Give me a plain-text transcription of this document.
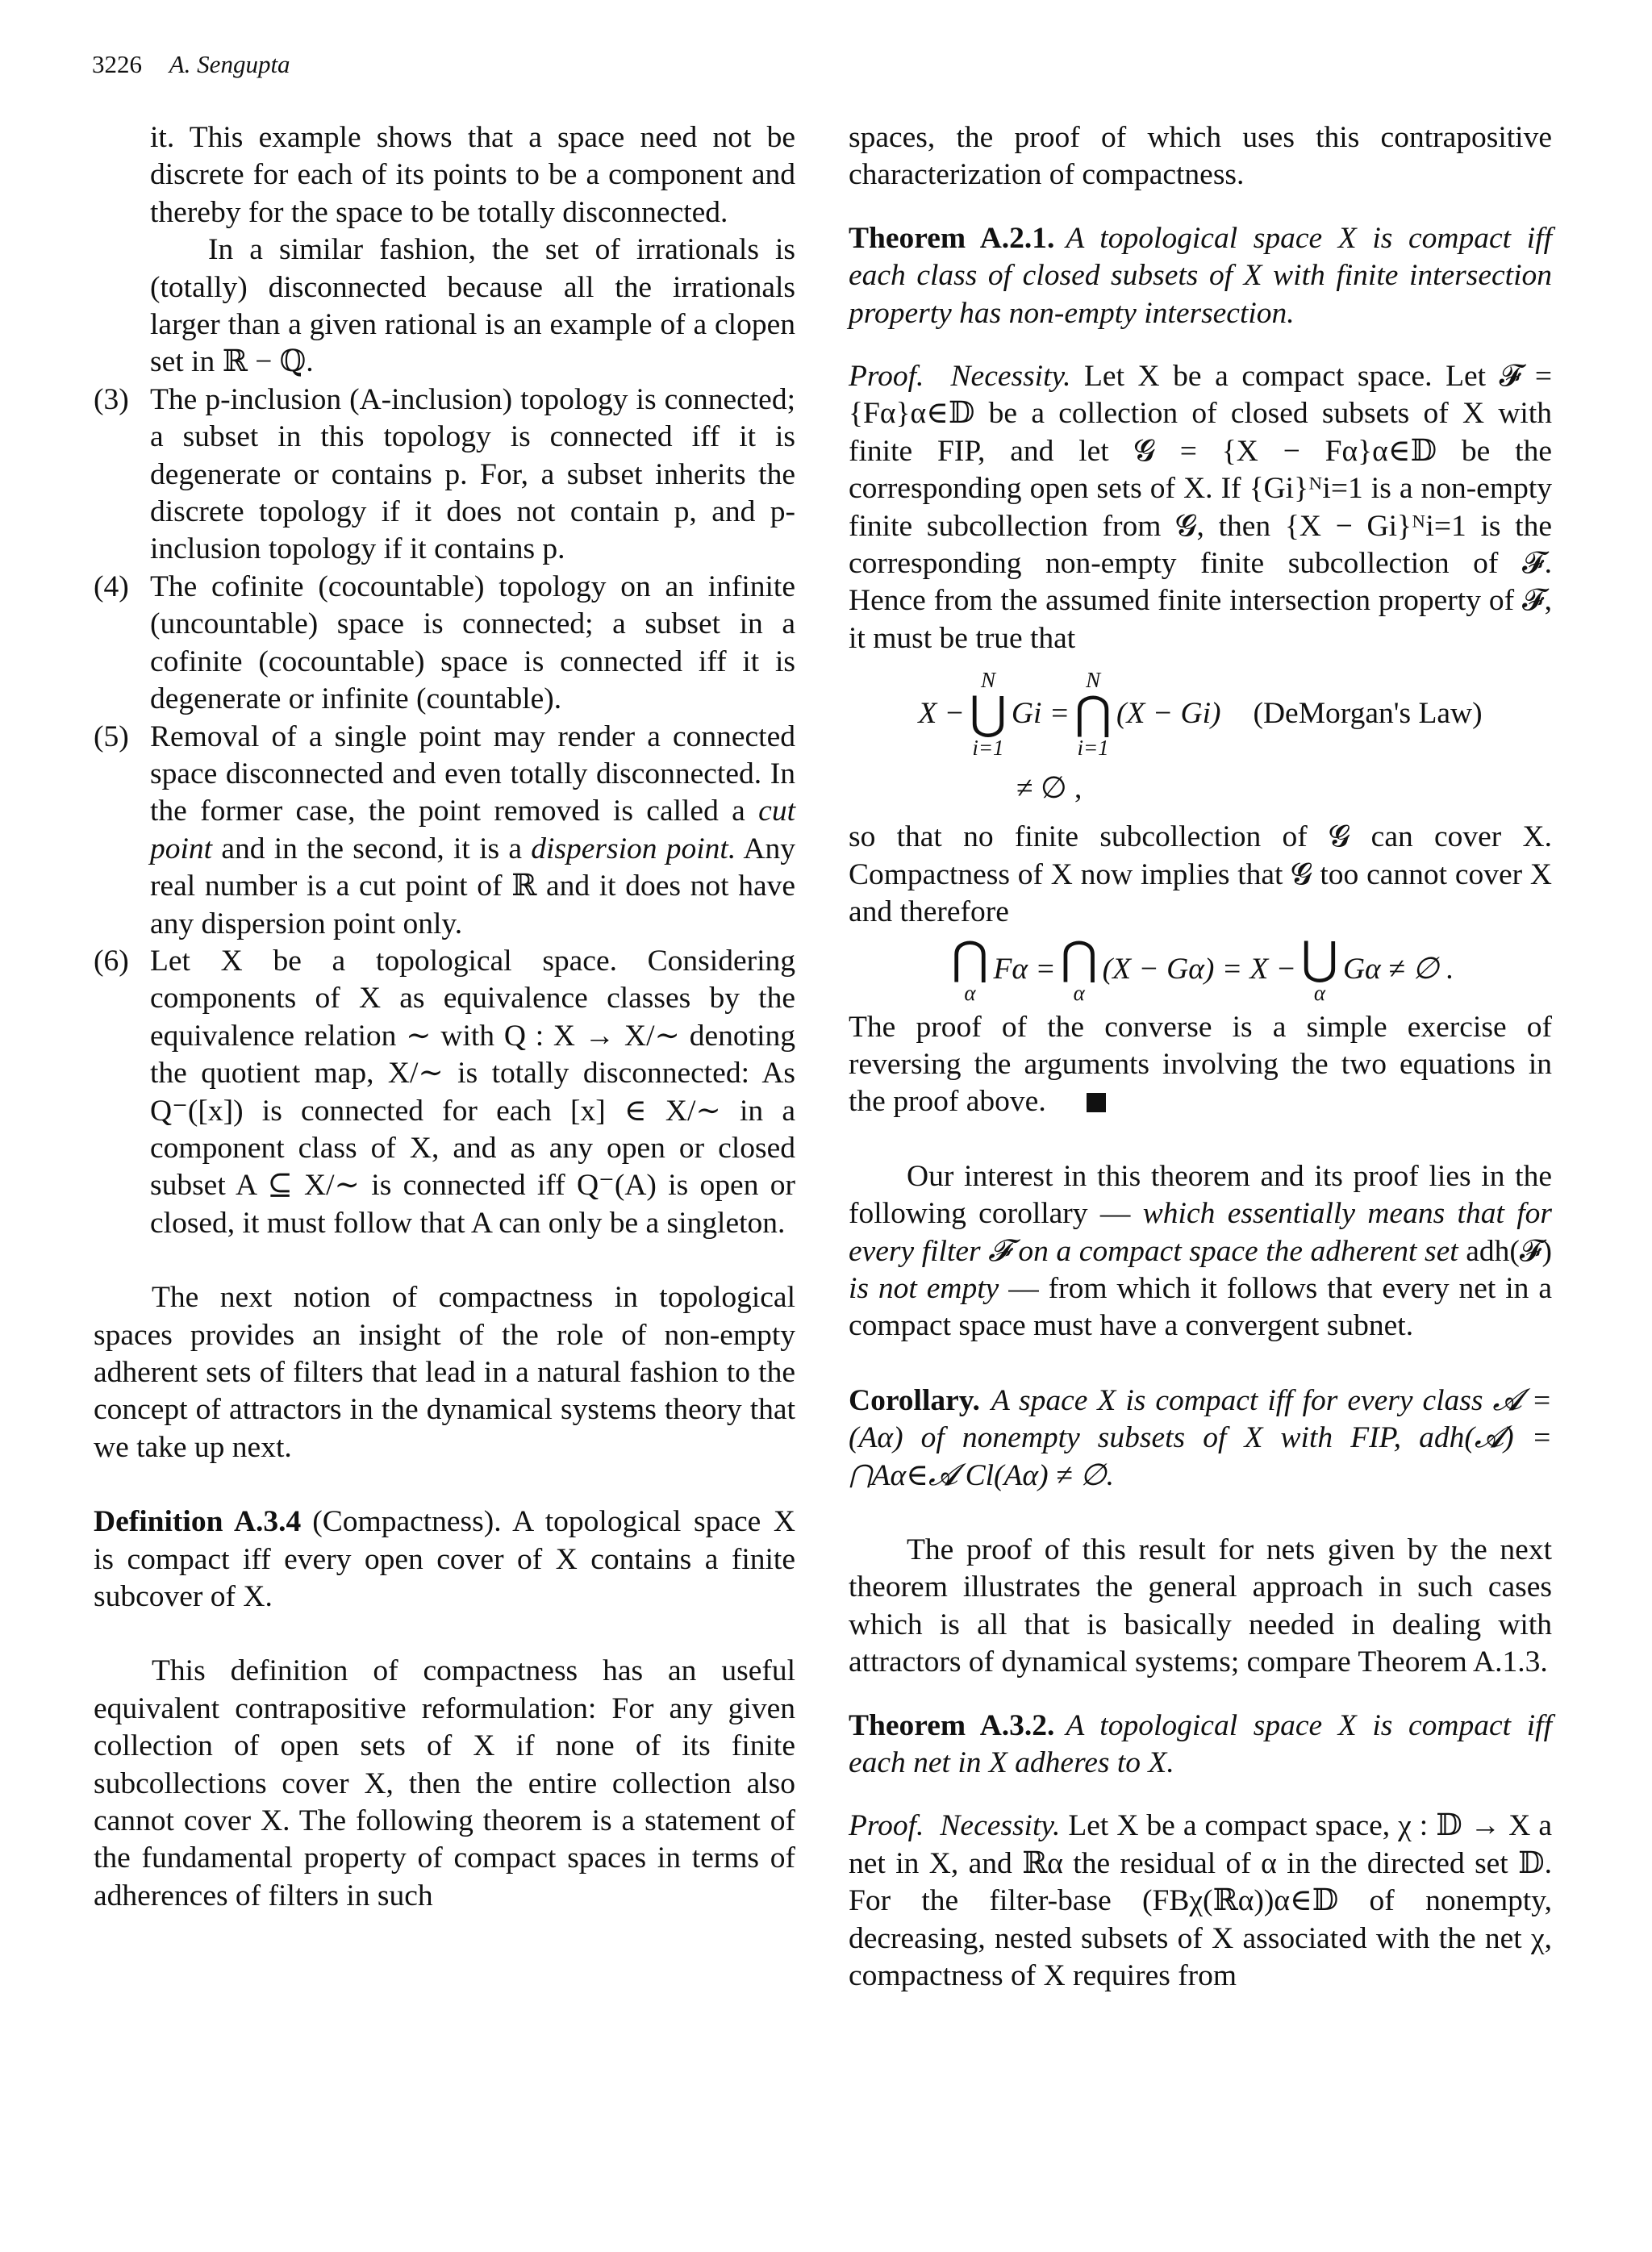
3226 A. Sengupta

it. This example shows that a space need not be discrete for each of its points to be a component and thereby for the space to be totally disconnected.

In a similar fashion, the set of irrationals is (totally) disconnected because all the irrationals larger than a given rational is an example of a clopen set in ℝ − ℚ.

(3) The p-inclusion (A-inclusion) topology is connected; a subset in this topology is connected iff it is degenerate or contains p. For, a subset inherits the discrete topology if it does not contain p, and p-inclusion topology if it contains p.

(4) The cofinite (cocountable) topology on an infinite (uncountable) space is connected; a subset in a cofinite (cocountable) space is connected iff it is degenerate or infinite (countable).

(5) Removal of a single point may render a connected space disconnected and even totally disconnected. In the former case, the point removed is called a cut point and in the second, it is a dispersion point. Any real number is a cut point of ℝ and it does not have any dispersion point only.

(6) Let X be a topological space. Considering components of X as equivalence classes by the equivalence relation ∼ with Q : X → X/∼ denoting the quotient map, X/∼ is totally disconnected: As Q⁻([x]) is connected for each [x] ∈ X/∼ in a component class of X, and as any open or closed subset A ⊆ X/∼ is connected iff Q⁻(A) is open or closed, it must follow that A can only be a singleton.

The next notion of compactness in topological spaces provides an insight of the role of non-empty adherent sets of filters that lead in a natural fashion to the concept of attractors in the dynamical systems theory that we take up next.

Definition A.3.4 (Compactness). A topological space X is compact iff every open cover of X contains a finite subcover of X.

This definition of compactness has an useful equivalent contrapositive reformulation: For any given collection of open sets of X if none of its finite subcollections cover X, then the entire collection also cannot cover X. The following theorem is a statement of the fundamental property of compact spaces in terms of adherences of filters in such

spaces, the proof of which uses this contrapositive characterization of compactness.

Theorem A.2.1. A topological space X is compact iff each class of closed subsets of X with finite intersection property has non-empty intersection.

Proof. Necessity. Let X be a compact space. Let 𝓕 = {Fα}α∈𝔻 be a collection of closed subsets of X with finite FIP, and let 𝓖 = {X − Fα}α∈𝔻 be the corresponding open sets of X. If {Gi}ᴺi=1 is a non-empty finite subcollection from 𝓖, then {X − Gi}ᴺi=1 is the corresponding non-empty finite subcollection of 𝓕. Hence from the assumed finite intersection property of 𝓕, it must be true that

X −
N
⋃
i=1
Gi =
N
⋂
i=1
(X − Gi) (DeMorgan's Law)
≠ ∅ ,

so that no finite subcollection of 𝓖 can cover X. Compactness of X now implies that 𝓖 too cannot cover X and therefore

⋂
α
Fα = ⋂
α
(X − Gα) = X − ⋃
α
Gα ≠ ∅ .

The proof of the converse is a simple exercise of reversing the arguments involving the two equations in the proof above.

Our interest in this theorem and its proof lies in the following corollary — which essentially means that for every filter 𝓕 on a compact space the adherent set adh(𝓕) is not empty — from which it follows that every net in a compact space must have a convergent subnet.

Corollary. A space X is compact iff for every class 𝓐 = (Aα) of nonempty subsets of X with FIP, adh(𝓐) = ⋂Aα∈𝓐 Cl(Aα) ≠ ∅.

The proof of this result for nets given by the next theorem illustrates the general approach in such cases which is all that is basically needed in dealing with attractors of dynamical systems; compare Theorem A.1.3.

Theorem A.3.2. A topological space X is compact iff each net in X adheres to X.

Proof. Necessity. Let X be a compact space, χ : 𝔻 → X a net in X, and ℝα the residual of α in the directed set 𝔻. For the filter-base (FBχ(ℝα))α∈𝔻 of nonempty, decreasing, nested subsets of X associated with the net χ, compactness of X requires from
